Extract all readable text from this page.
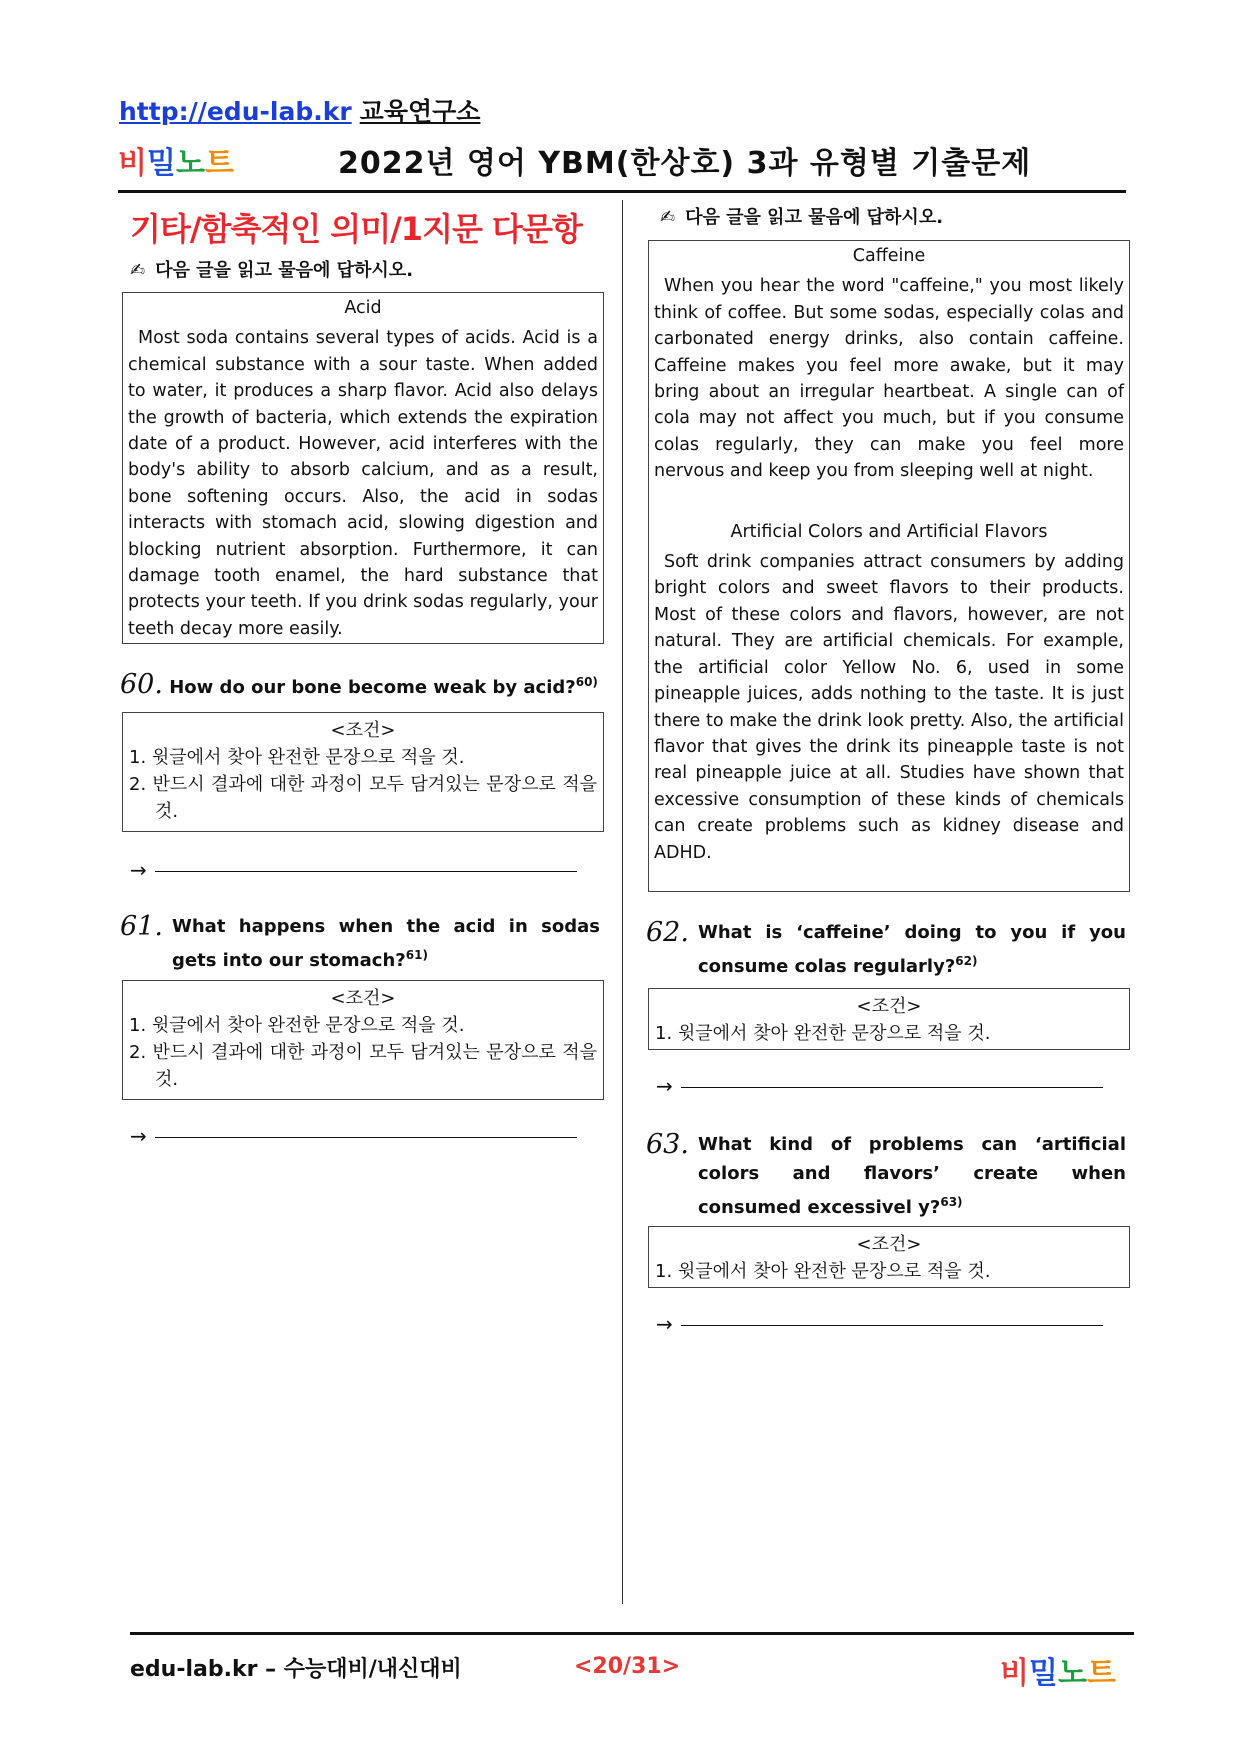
http://edu-lab.kr 교육연구소
비밀노트	2022년 영어 YBM(한상호) 3과 유형별 기출문제
기타/함축적인 의미/1지문 다문항
✍ 다음 글을 읽고 물음에 답하시오.
Acid

Most soda contains several types of acids. Acid is a chemical substance with a sour taste. When added to water, it produces a sharp flavor. Acid also delays the growth of bacteria, which extends the expiration date of a product. However, acid interferes with the body's ability to absorb calcium, and as a result, bone softening occurs. Also, the acid in sodas interacts with stomach acid, slowing digestion and blocking nutrient absorption. Furthermore, it can damage tooth enamel, the hard substance that protects your teeth. If you drink sodas regularly, your teeth decay more easily.

60. How do our bone become weak by acid?$^{60)}$
<조건>
1. 윗글에서 찾아 완전한 문장으로 적을 것.
2. 반드시 결과에 대한 과정이 모두 담겨있는 문장으로 적을 것.
→
61. What happens when the acid in sodas gets into our stomach?$^{61)}$
<조건>
1. 윗글에서 찾아 완전한 문장으로 적을 것.
2. 반드시 결과에 대한 과정이 모두 담겨있는 문장으로 적을 것.
→
✍ 다음 글을 읽고 물음에 답하시오.
Caffeine

When you hear the word "caffeine," you most likely think of coffee. But some sodas, especially colas and carbonated energy drinks, also contain caffeine. Caffeine makes you feel more awake, but it may bring about an irregular heartbeat. A single can of cola may not affect you much, but if you consume colas regularly, they can make you feel more nervous and keep you from sleeping well at night.

Artificial Colors and Artificial Flavors

Soft drink companies attract consumers by adding bright colors and sweet flavors to their products. Most of these colors and flavors, however, are not natural. They are artificial chemicals. For example, the artificial color Yellow No. 6, used in some pineapple juices, adds nothing to the taste. It is just there to make the drink look pretty. Also, the artificial flavor that gives the drink its pineapple taste is not real pineapple juice at all. Studies have shown that excessive consumption of these kinds of chemicals can create problems such as kidney disease and ADHD.

62. What is ‘caffeine’ doing to you if you consume colas regularly?$^{62)}$
<조건>
1. 윗글에서 찾아 완전한 문장으로 적을 것.
→
63. What kind of problems can ‘artificial colors and flavors’ create when consumed excessivel y?$^{63)}$
<조건>
1. 윗글에서 찾아 완전한 문장으로 적을 것.
→
edu-lab.kr – 수능대비/내신대비	<20/31>	비밀노트
